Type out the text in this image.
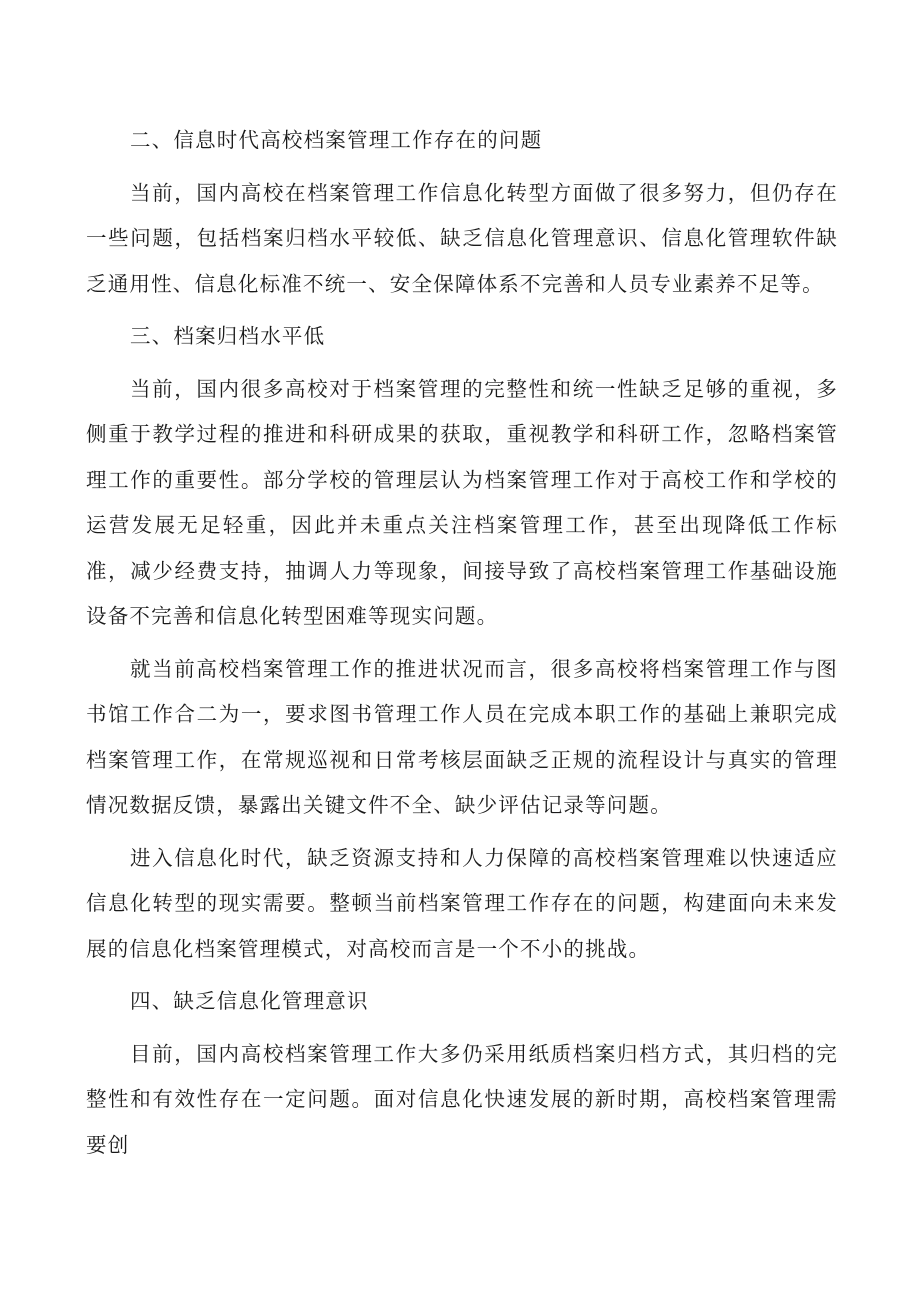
二、信息时代高校档案管理工作存在的问题

当前，国内高校在档案管理工作信息化转型方面做了很多努力，但仍存在一些问题，包括档案归档水平较低、缺乏信息化管理意识、信息化管理软件缺乏通用性、信息化标准不统一、安全保障体系不完善和人员专业素养不足等。

三、档案归档水平低

当前，国内很多高校对于档案管理的完整性和统一性缺乏足够的重视，多侧重于教学过程的推进和科研成果的获取，重视教学和科研工作，忽略档案管理工作的重要性。部分学校的管理层认为档案管理工作对于高校工作和学校的运营发展无足轻重，因此并未重点关注档案管理工作，甚至出现降低工作标准，减少经费支持，抽调人力等现象，间接导致了高校档案管理工作基础设施设备不完善和信息化转型困难等现实问题。

就当前高校档案管理工作的推进状况而言，很多高校将档案管理工作与图书馆工作合二为一，要求图书管理工作人员在完成本职工作的基础上兼职完成档案管理工作，在常规巡视和日常考核层面缺乏正规的流程设计与真实的管理情况数据反馈，暴露出关键文件不全、缺少评估记录等问题。

进入信息化时代，缺乏资源支持和人力保障的高校档案管理难以快速适应信息化转型的现实需要。整顿当前档案管理工作存在的问题，构建面向未来发展的信息化档案管理模式，对高校而言是一个不小的挑战。

四、缺乏信息化管理意识

目前，国内高校档案管理工作大多仍采用纸质档案归档方式，其归档的完整性和有效性存在一定问题。面对信息化快速发展的新时期，高校档案管理需要创
